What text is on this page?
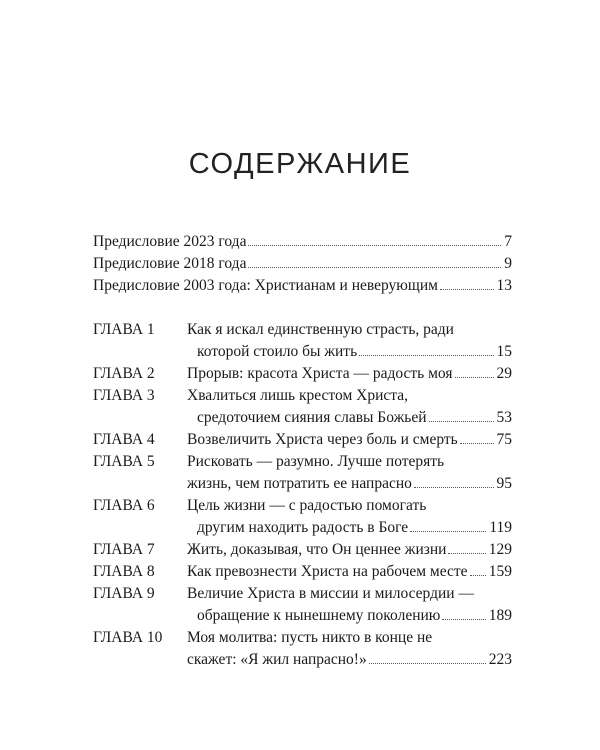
СОДЕРЖАНИЕ
Предисловие 2023 года	7
Предисловие 2018 года	9
Предисловие 2003 года: Христианам и неверующим	13
ГЛАВА 1 Как я искал единственную страсть, ради
которой стоило бы жить	15
ГЛАВА 2 Прорыв: красота Христа — радость моя	29
ГЛАВА 3 Хвалиться лишь крестом Христа,
средоточием сияния славы Божьей	53
ГЛАВА 4 Возвеличить Христа через боль и смерть	75
ГЛАВА 5 Рисковать — разумно. Лучше потерять
жизнь, чем потратить ее напрасно	95
ГЛАВА 6 Цель жизни — с радостью помогать
другим находить радость в Боге	119
ГЛАВА 7 Жить, доказывая, что Он ценнее жизни	129
ГЛАВА 8 Как превознести Христа на рабочем месте 159
ГЛАВА 9 Величие Христа в миссии и милосердии —
обращение к нынешнему поколению	189
ГЛАВА 10 Моя молитва: пусть никто в конце не
скажет: «Я жил напрасно!»	223
